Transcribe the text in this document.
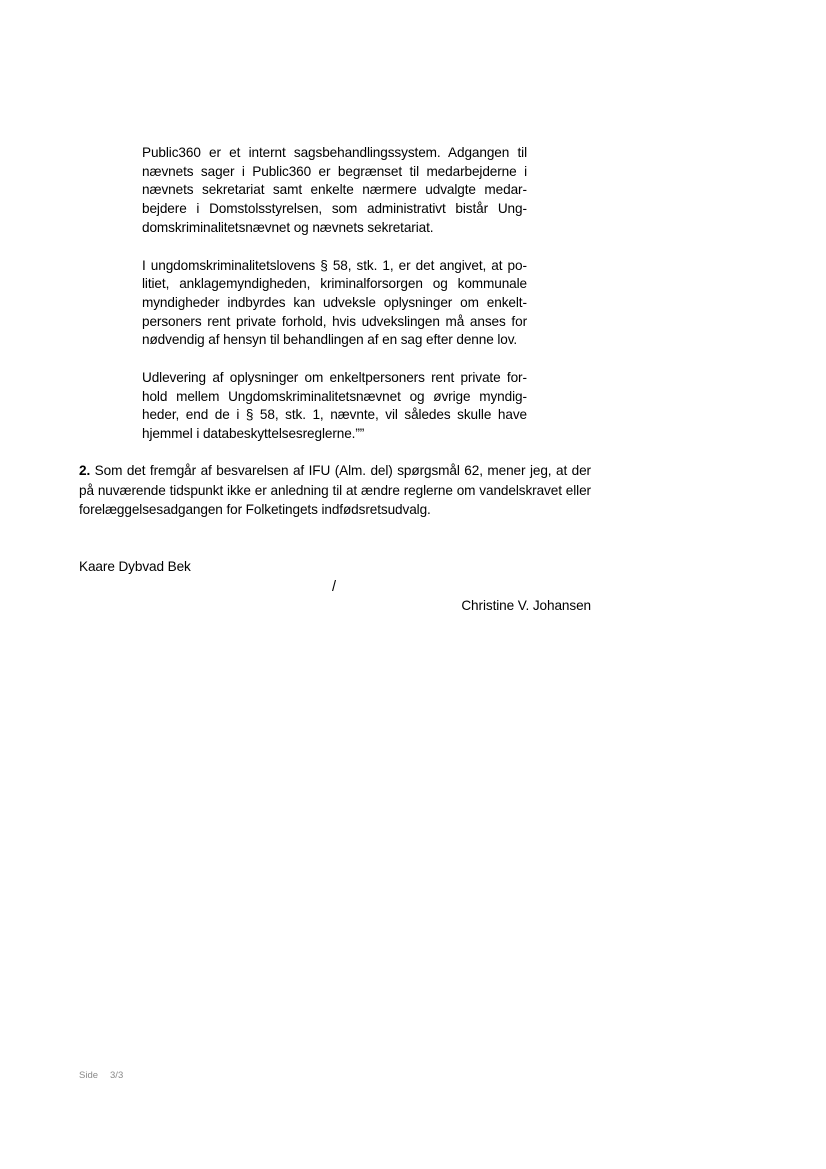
Public360 er et internt sagsbehandlingssystem. Adgangen til nævnets sager i Public360 er begrænset til medarbejderne i nævnets sekretariat samt enkelte nærmere udvalgte medarbejdere i Domstolsstyrelsen, som administrativt bistår Ungdomskriminalitetsnævnet og nævnets sekretariat.

I ungdomskriminalitetslovens § 58, stk. 1, er det angivet, at politiet, anklagemyndigheden, kriminalforsorgen og kommunale myndigheder indbyrdes kan udveksle oplysninger om enkeltpersoners rent private forhold, hvis udvekslingen må anses for nødvendig af hensyn til behandlingen af en sag efter denne lov.

Udlevering af oplysninger om enkeltpersoners rent private forhold mellem Ungdomskriminalitetsnævnet og øvrige myndigheder, end de i § 58, stk. 1, nævnte, vil således skulle have hjemmel i databeskyttelsesreglerne.””

2. Som det fremgår af besvarelsen af IFU (Alm. del) spørgsmål 62, mener jeg, at der på nuværende tidspunkt ikke er anledning til at ændre reglerne om vandelskravet eller forelæggelsesadgangen for Folketingets indfødsretsudvalg.

Kaare Dybvad Bek
/
Christine V. Johansen
Side 3/3
